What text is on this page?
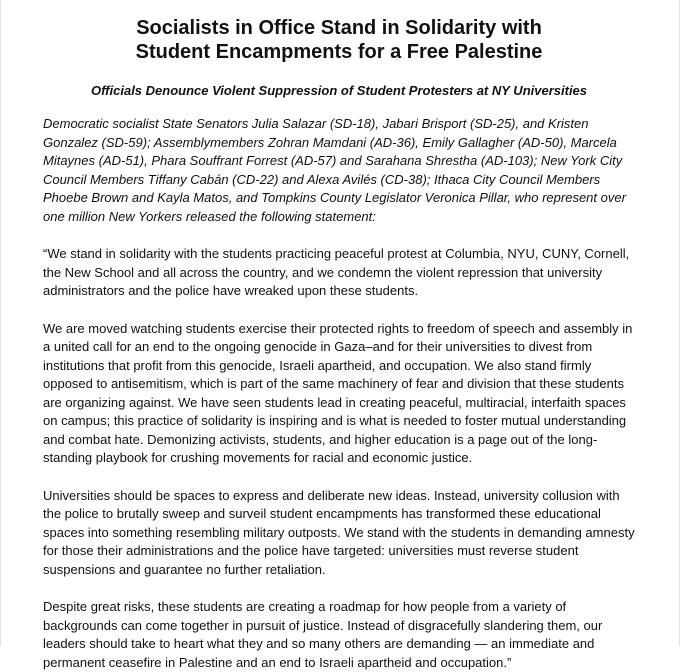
Socialists in Office Stand in Solidarity with
Student Encampments for a Free Palestine

Officials Denounce Violent Suppression of Student Protesters at NY Universities

Democratic socialist State Senators Julia Salazar (SD-18), Jabari Brisport (SD-25), and Kristen Gonzalez (SD-59); Assemblymembers Zohran Mamdani (AD-36), Emily Gallagher (AD-50), Marcela Mitaynes (AD-51), Phara Souffrant Forrest (AD-57) and Sarahana Shrestha (AD-103); New York City Council Members Tiffany Cabán (CD-22) and Alexa Avilés (CD-38); Ithaca City Council Members Phoebe Brown and Kayla Matos, and Tompkins County Legislator Veronica Pillar, who represent over one million New Yorkers released the following statement:

“We stand in solidarity with the students practicing peaceful protest at Columbia, NYU, CUNY, Cornell, the New School and all across the country, and we condemn the violent repression that university administrators and the police have wreaked upon these students.

We are moved watching students exercise their protected rights to freedom of speech and assembly in a united call for an end to the ongoing genocide in Gaza–and for their universities to divest from institutions that profit from this genocide, Israeli apartheid, and occupation. We also stand firmly opposed to antisemitism, which is part of the same machinery of fear and division that these students are organizing against. We have seen students lead in creating peaceful, multiracial, interfaith spaces on campus; this practice of solidarity is inspiring and is what is needed to foster mutual understanding and combat hate. Demonizing activists, students, and higher education is a page out of the long-standing playbook for crushing movements for racial and economic justice.

Universities should be spaces to express and deliberate new ideas. Instead, university collusion with the police to brutally sweep and surveil student encampments has transformed these educational spaces into something resembling military outposts. We stand with the students in demanding amnesty for those their administrations and the police have targeted: universities must reverse student suspensions and guarantee no further retaliation.

Despite great risks, these students are creating a roadmap for how people from a variety of backgrounds can come together in pursuit of justice. Instead of disgracefully slandering them, our leaders should take to heart what they and so many others are demanding — an immediate and permanent ceasefire in Palestine and an end to Israeli apartheid and occupation.”
